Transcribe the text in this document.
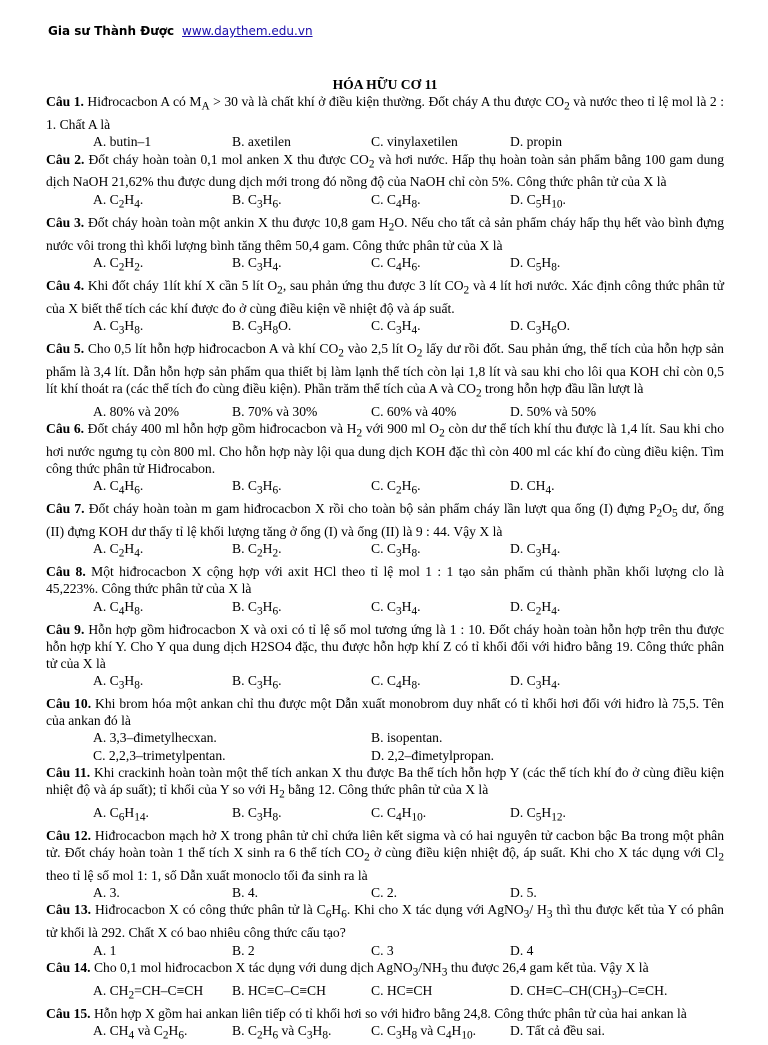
Gia sư Thành Được www.daythem.edu.vn
HÓA HỮU CƠ 11
Câu 1. Hiđrocacbon A có $M_A > 30$ và là chất khí ở điều kiện thường. Đốt cháy A thu được $CO_2$ và nước theo tỉ lệ mol là 2 : 1. Chất A là
A. butin–1	B. axetilen	C. vinylaxetilen	D. propin
Câu 2. Đốt cháy hoàn toàn 0,1 mol anken X thu được $CO_2$ và hơi nước. Hấp thụ hoàn toàn sản phẩm bằng 100 gam dung dịch NaOH 21,62% thu được dung dịch mới trong đó nồng độ của NaOH chỉ còn 5%. Công thức phân tử của X là
A. $C_2H_4$.	B. $C_3H_6$.	C. $C_4H_8$.	D. $C_5H_{10}$.
Câu 3. Đốt cháy hoàn toàn một ankin X thu được 10,8 gam $H_2O$. Nếu cho tất cả sản phẩm cháy hấp thụ hết vào bình đựng nước vôi trong thì khối lượng bình tăng thêm 50,4 gam. Công thức phân tử của X là
A. $C_2H_2$.	B. $C_3H_4$.	C. $C_4H_6$.	D. $C_5H_8$.
Câu 4. Khi đốt cháy 1lít khí X cần 5 lít $O_2$, sau phản ứng thu được 3 lít $CO_2$ và 4 lít hơi nước. Xác định công thức phân tử của X biết thể tích các khí được đo ở cùng điều kiện về nhiệt độ và áp suất.
A. $C_3H_8$.	B. $C_3H_8O$.	C. $C_3H_4$.	D. $C_3H_6O$.
Câu 5. Cho 0,5 lít hỗn hợp hiđrocacbon A và khí $CO_2$ vào 2,5 lít $O_2$ lấy dư rồi đốt. Sau phản ứng, thể tích của hỗn hợp sản phẩm là 3,4 lít. Dẫn hỗn hợp sản phẩm qua thiết bị làm lạnh thể tích còn lại 1,8 lít và sau khi cho lôi qua KOH chỉ còn 0,5 lít khí thoát ra (các thể tích đo cùng điều kiện). Phần trăm thể tích của A và $CO_2$ trong hỗn hợp đầu lần lượt là
A. 80% và 20%	B. 70% và 30%	C. 60% và 40%	D. 50% và 50%
Câu 6. Đốt cháy 400 ml hỗn hợp gồm hiđrocacbon và $H_2$ với 900 ml $O_2$ còn dư thể tích khí thu được là 1,4 lít. Sau khi cho hơi nước ngưng tụ còn 800 ml. Cho hỗn hợp này lội qua dung dịch KOH đặc thì còn 400 ml các khí đo cùng điều kiện. Tìm công thức phân tử Hiđrocabon.
A. $C_4H_6$.	B. $C_3H_6$.	C. $C_2H_6$.	D. $CH_4$.
Câu 7. Đốt cháy hoàn toàn m gam hiđrocacbon X rồi cho toàn bộ sản phẩm cháy lần lượt qua ống (I) đựng $P_2O_5$ dư, ống (II) đựng KOH dư thấy tỉ lệ khối lượng tăng ở ống (I) và ống (II) là 9 : 44. Vậy X là
A. $C_2H_4$.	B. $C_2H_2$.	C. $C_3H_8$.	D. $C_3H_4$.
Câu 8. Một hiđrocacbon X cộng hợp với axit HCl theo tỉ lệ mol 1 : 1 tạo sản phẩm cú thành phần khối lượng clo là 45,223%. Công thức phân tử của X là
A. $C_4H_8$.	B. $C_3H_6$.	C. $C_3H_4$.	D. $C_2H_4$.
Câu 9. Hỗn hợp gồm hiđrocacbon X và oxi có tỉ lệ số mol tương ứng là 1 : 10. Đốt cháy hoàn toàn hỗn hợp trên thu được hỗn hợp khí Y. Cho Y qua dung dịch H2SO4 đặc, thu được hỗn hợp khí Z có tỉ khối đối với hiđro bằng 19. Công thức phân tử của X là
A. $C_3H_8$.	B. $C_3H_6$.	C. $C_4H_8$.	D. $C_3H_4$.
Câu 10. Khi brom hóa một ankan chỉ thu được một Dẫn xuất monobrom duy nhất có tỉ khối hơi đối với hiđro là 75,5. Tên của ankan đó là
A. 3,3–đimetylhecxan.	B. isopentan.
C. 2,2,3–trimetylpentan.	D. 2,2–đimetylpropan.
Câu 11. Khi crackinh hoàn toàn một thể tích ankan X thu được Ba thể tích hỗn hợp Y (các thể tích khí đo ở cùng điều kiện nhiệt độ và áp suất); tỉ khối của Y so với $H_2$ bằng 12. Công thức phân tử của X là
A. $C_6H_{14}$.	B. $C_3H_8$.	C. $C_4H_{10}$.	D. $C_5H_{12}$.
Câu 12. Hiđrocacbon mạch hở X trong phân tử chỉ chứa liên kết sigma và có hai nguyên tử cacbon bậc Ba trong một phân tử. Đốt cháy hoàn toàn 1 thể tích X sinh ra 6 thể tích $CO_2$ ở cùng điều kiện nhiệt độ, áp suất. Khi cho X tác dụng với $Cl_2$ theo tỉ lệ số mol 1: 1, số Dẫn xuất monoclo tối đa sinh ra là
A. 3.	B. 4.	C. 2.	D. 5.
Câu 13. Hiđrocacbon X có công thức phân tử là $C_6H_6$. Khi cho X tác dụng với AgNO$_3$/ $H_3$ thì thu được kết tủa Y có phân tử khối là 292. Chất X có bao nhiêu công thức cấu tạo?
A. 1	B. 2	C. 3	D. 4
Câu 14. Cho 0,1 mol hiđrocacbon X tác dụng với dung dịch $AgNO_3/NH_3$ thu được 26,4 gam kết tủa. Vậy X là
A. $CH_2=CH-C\equiv CH$	B. HC≡C–C≡CH	C. HC≡CH	D. $CH\equiv C-CH(CH_3)-C\equiv CH$.
Câu 15. Hỗn hợp X gồm hai ankan liên tiếp có tỉ khối hơi so với hiđro bằng 24,8. Công thức phân tử của hai ankan là
A. $CH_4$ và $C_2H_6$.	B. $C_2H_6$ và $C_3H_8$.	C. $C_3H_8$ và $C_4H_{10}$.	D. Tất cả đều sai.
